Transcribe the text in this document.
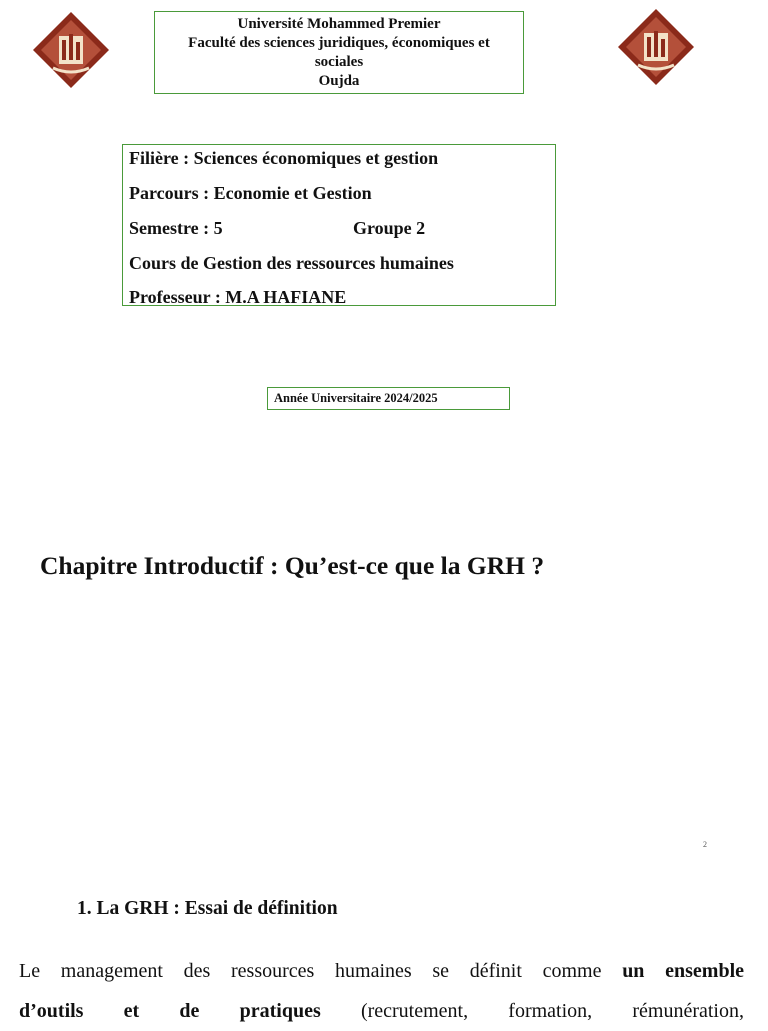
Université Mohammed Premier
Faculté des sciences juridiques, économiques et
sociales
Oujda
Filière : Sciences économiques et gestion
Parcours : Economie et Gestion
Semestre : 5	Groupe 2
Cours de Gestion des ressources humaines
Professeur : M.A HAFIANE
Année Universitaire 2024/2025
Chapitre Introductif : Qu’est-ce que la GRH ?
2
1. La GRH : Essai de définition
Le management des ressources humaines se définit comme un ensemble
d’outils et de pratiques (recrutement, formation, rémunération,
